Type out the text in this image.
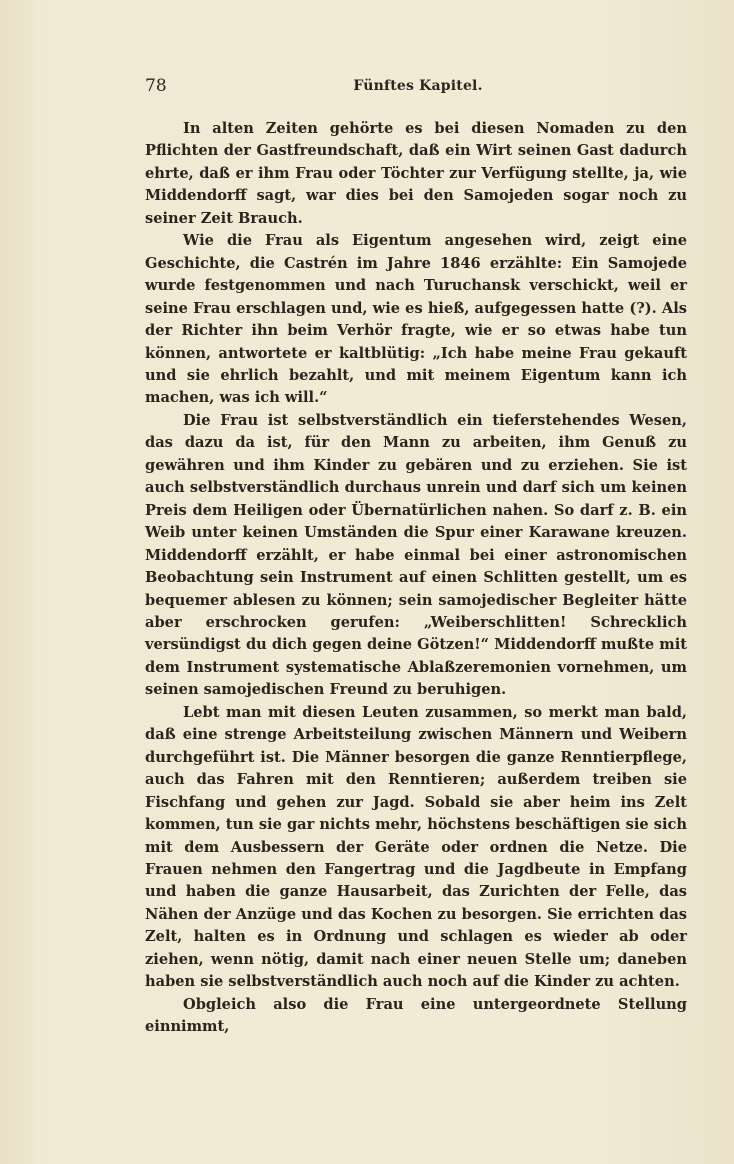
78	Fünftes Kapitel.

In alten Zeiten gehörte es bei diesen Nomaden zu den Pflichten der Gastfreundschaft, daß ein Wirt seinen Gast dadurch ehrte, daß er ihm Frau oder Töchter zur Verfügung stellte, ja, wie Middendorff sagt, war dies bei den Samojeden sogar noch zu seiner Zeit Brauch.

Wie die Frau als Eigentum angesehen wird, zeigt eine Geschichte, die Castrén im Jahre 1846 erzählte: Ein Samojede wurde festgenommen und nach Turuchansk verschickt, weil er seine Frau erschlagen und, wie es hieß, aufgegessen hatte (?). Als der Richter ihn beim Verhör fragte, wie er so etwas habe tun können, antwortete er kaltblütig: „Ich habe meine Frau gekauft und sie ehrlich bezahlt, und mit meinem Eigentum kann ich machen, was ich will.“

Die Frau ist selbstverständlich ein tieferstehendes Wesen, das dazu da ist, für den Mann zu arbeiten, ihm Genuß zu gewähren und ihm Kinder zu gebären und zu erziehen. Sie ist auch selbstverständlich durchaus unrein und darf sich um keinen Preis dem Heiligen oder Übernatürlichen nahen. So darf z. B. ein Weib unter keinen Umständen die Spur einer Karawane kreuzen. Middendorff erzählt, er habe einmal bei einer astronomischen Beobachtung sein Instrument auf einen Schlitten gestellt, um es bequemer ablesen zu können; sein samojedischer Begleiter hätte aber erschrocken gerufen: „Weiberschlitten! Schrecklich versündigst du dich gegen deine Götzen!“ Middendorff mußte mit dem Instrument systematische Ablaßzeremonien vornehmen, um seinen samojedischen Freund zu beruhigen.

Lebt man mit diesen Leuten zusammen, so merkt man bald, daß eine strenge Arbeitsteilung zwischen Männern und Weibern durchgeführt ist. Die Männer besorgen die ganze Renntierpflege, auch das Fahren mit den Renntieren; außerdem treiben sie Fischfang und gehen zur Jagd. Sobald sie aber heim ins Zelt kommen, tun sie gar nichts mehr, höchstens beschäftigen sie sich mit dem Ausbessern der Geräte oder ordnen die Netze. Die Frauen nehmen den Fangertrag und die Jagdbeute in Empfang und haben die ganze Hausarbeit, das Zurichten der Felle, das Nähen der Anzüge und das Kochen zu besorgen. Sie errichten das Zelt, halten es in Ordnung und schlagen es wieder ab oder ziehen, wenn nötig, damit nach einer neuen Stelle um; daneben haben sie selbstverständlich auch noch auf die Kinder zu achten.

Obgleich also die Frau eine untergeordnete Stellung einnimmt,
